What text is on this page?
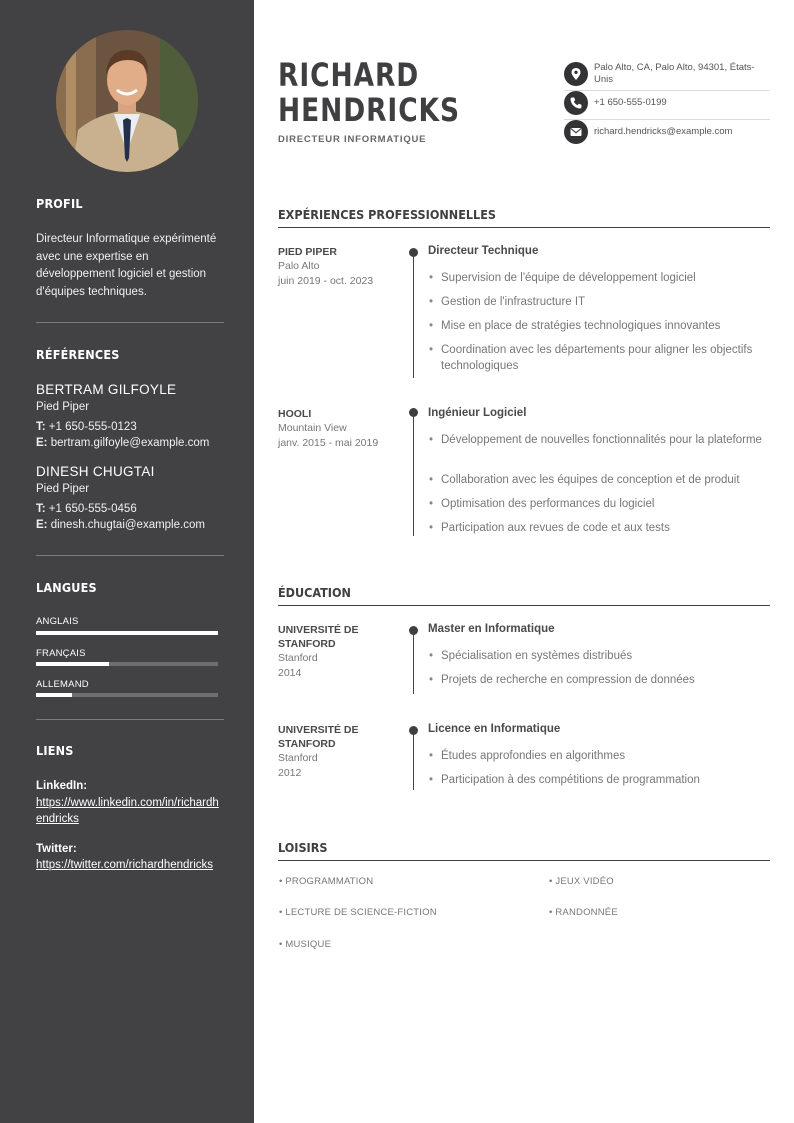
PROFIL
Directeur Informatique expérimenté avec une expertise en développement logiciel et gestion d'équipes techniques.
RÉFÉRENCES
BERTRAM GILFOYLE
Pied Piper
T: +1 650-555-0123
E: bertram.gilfoyle@example.com
DINESH CHUGTAI
Pied Piper
T: +1 650-555-0456
E: dinesh.chugtai@example.com
LANGUES
ANGLAIS
FRANÇAIS
ALLEMAND
LIENS
LinkedIn:
https://www.linkedin.com/in/richardhendricks
Twitter:
https://twitter.com/richardhendricks
RICHARD
HENDRICKS
DIRECTEUR INFORMATIQUE
Palo Alto, CA, Palo Alto, 94301, États-Unis
+1 650-555-0199
richard.hendricks@example.com
EXPÉRIENCES PROFESSIONNELLES
PIED PIPER
Palo Alto
juin 2019 - oct. 2023
Directeur Technique
• Supervision de l'équipe de développement logiciel
• Gestion de l'infrastructure IT
• Mise en place de stratégies technologiques innovantes
• Coordination avec les départements pour aligner les objectifs technologiques
HOOLI
Mountain View
janv. 2015 - mai 2019
Ingénieur Logiciel
• Développement de nouvelles fonctionnalités pour la plateforme
• Collaboration avec les équipes de conception et de produit
• Optimisation des performances du logiciel
• Participation aux revues de code et aux tests
ÉDUCATION
UNIVERSITÉ DE STANFORD
Stanford
2014
Master en Informatique
• Spécialisation en systèmes distribués
• Projets de recherche en compression de données
UNIVERSITÉ DE STANFORD
Stanford
2012
Licence en Informatique
• Études approfondies en algorithmes
• Participation à des compétitions de programmation
LOISIRS
• PROGRAMMATION	• JEUX VIDÉO
• LECTURE DE SCIENCE-FICTION	• RANDONNÉE
• MUSIQUE
